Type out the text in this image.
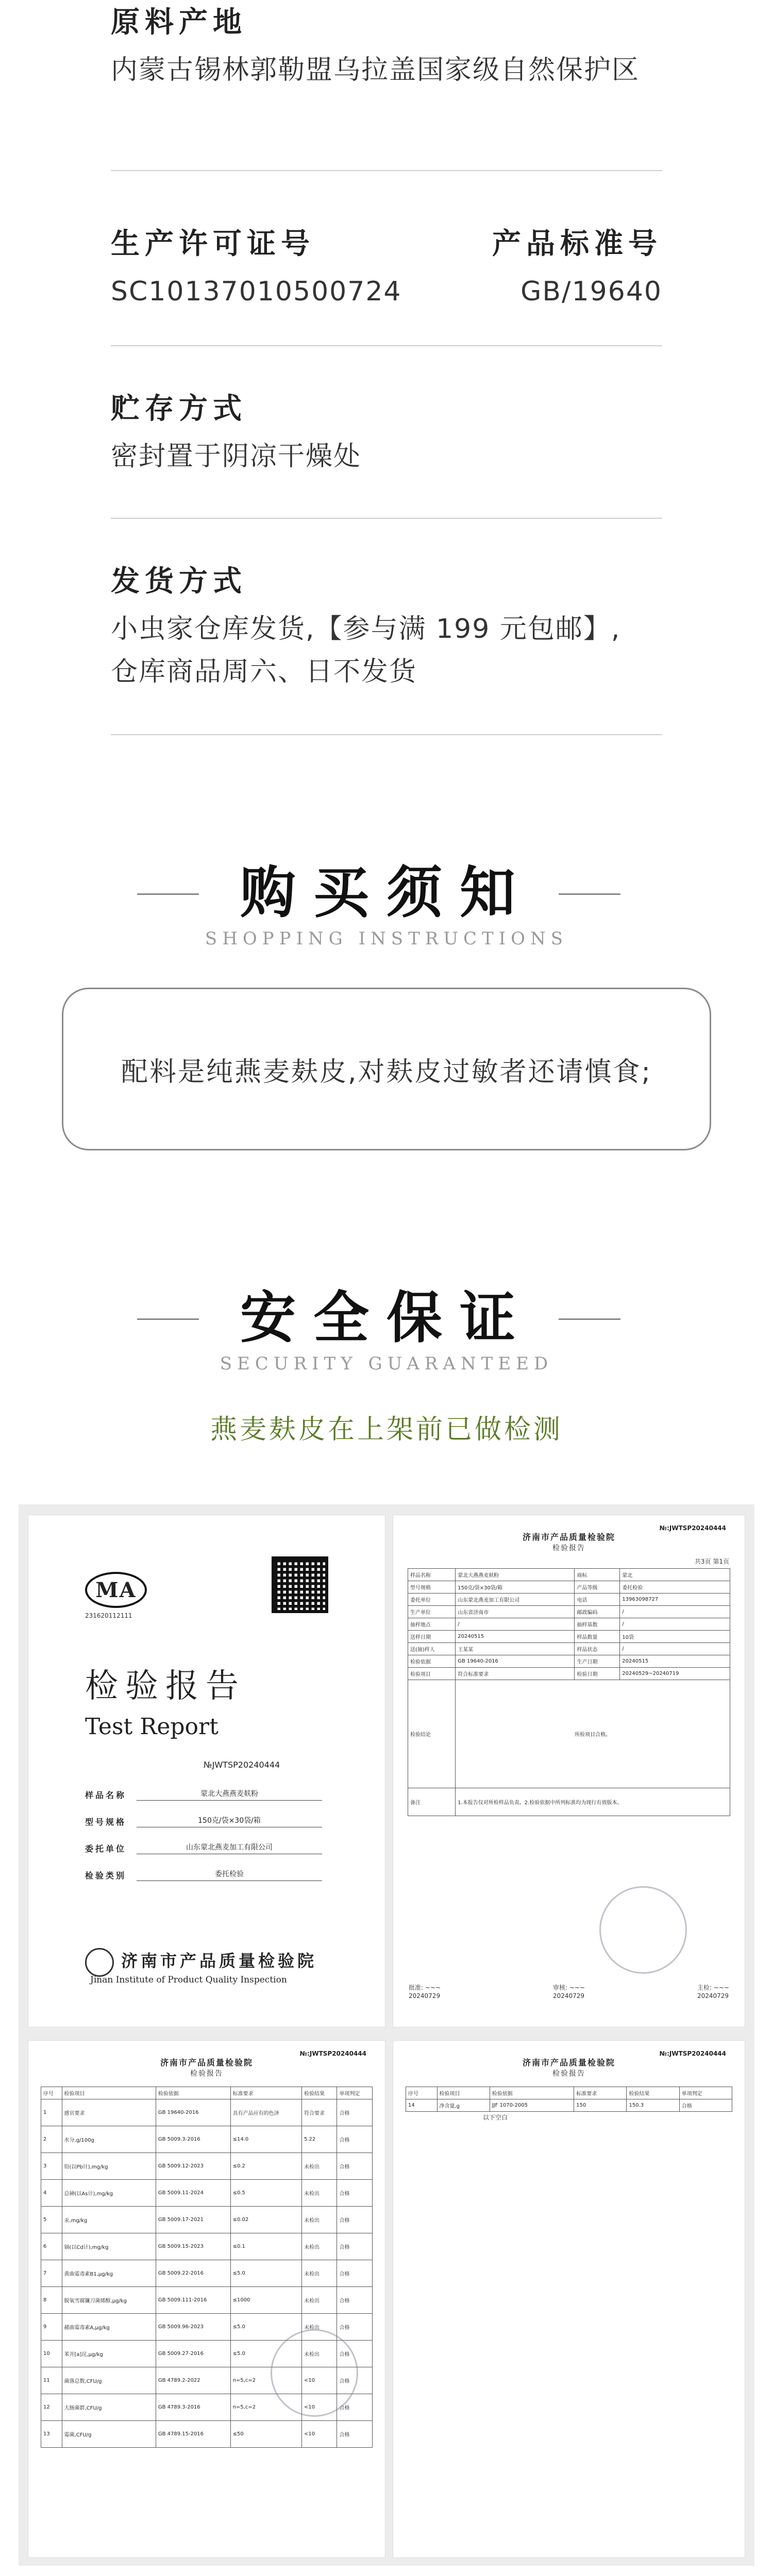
原料产地
内蒙古锡林郭勒盟乌拉盖国家级自然保护区
生产许可证号
SC10137010500724
产品标准号
GB/19640
贮存方式
密封置于阴凉干燥处
发货方式
小虫家仓库发货,【参与满 199 元包邮】,
仓库商品周六、日不发货
购买须知
SHOPPING INSTRUCTIONS
配料是纯燕麦麸皮,对麸皮过敏者还请慎食;
安全保证
SECURITY GUARANTEED
燕麦麸皮在上架前已做检测
MA
231620112111
检验报告
Test Report
№JWTSP20240444
样品名称	蒙北大燕燕麦麸粉
型号规格	150克/袋×30袋/箱
委托单位	山东蒙北燕麦加工有限公司
检验类别	委托检验
济南市产品质量检验院
Jinan Institute of Product Quality Inspection
№:JWTSP20240444
济南市产品质量检验院
检验报告
共3页 第1页
样品名称	蒙北大燕燕麦麸粉	商标	蒙北
型号规格	150克/袋×30袋/箱	产品等级	委托检验
委托单位	山东蒙北燕麦加工有限公司	电话	13963098727
生产单位	山东省济南市	邮政编码	/
抽样地点	/	抽样基数	/
送样日期	20240515	样品数量	10袋
送(抽)样人	王某某	样品状态	/
检验依据	GB 19640-2016	生产日期	20240515
检验项目	符合标准要求	检验日期	20240529~20240719
检验结论	所检项目合格。		
备注	1.本报告仅对所检样品负责。2.检验依据中所列标准均为现行有效版本。		
批准: ~~~
20240729
审核: ~~~
20240729
主检: ~~~
20240729
№:JWTSP20240444
济南市产品质量检验院
检验报告
序号	检验项目	检验依据	标准要求	检验结果	单项判定
1	感官要求	GB 19640-2016	具有产品应有的色泽	符合要求	合格
2	水分,g/100g	GB 5009.3-2016	≤14.0	5.22	合格
3	铅(以Pb计),mg/kg	GB 5009.12-2023	≤0.2	未检出	合格
4	总砷(以As计),mg/kg	GB 5009.11-2024	≤0.5	未检出	合格
5	汞,mg/kg	GB 5009.17-2021	≤0.02	未检出	合格
6	镉(以Cd计),mg/kg	GB 5009.15-2023	≤0.1	未检出	合格
7	黄曲霉毒素B1,μg/kg	GB 5009.22-2016	≤5.0	未检出	合格
8	脱氧雪腐镰刀菌烯醇,μg/kg	GB 5009.111-2016	≤1000	未检出	合格
9	赭曲霉毒素A,μg/kg	GB 5009.96-2023	≤5.0	未检出	合格
10	苯并[a]芘,μg/kg	GB 5009.27-2016	≤5.0	未检出	合格
11	菌落总数,CFU/g	GB 4789.2-2022	n=5,c=2	<10	合格
12	大肠菌群,CFU/g	GB 4789.3-2016	n=5,c=2	<10	合格
13	霉菌,CFU/g	GB 4789.15-2016	≤50	<10	合格
№:JWTSP20240444
济南市产品质量检验院
检验报告
序号	检验项目	检验依据	标准要求	检验结果	单项判定
14	净含量,g	JJF 1070-2005	150	150.3	合格
以下空白
